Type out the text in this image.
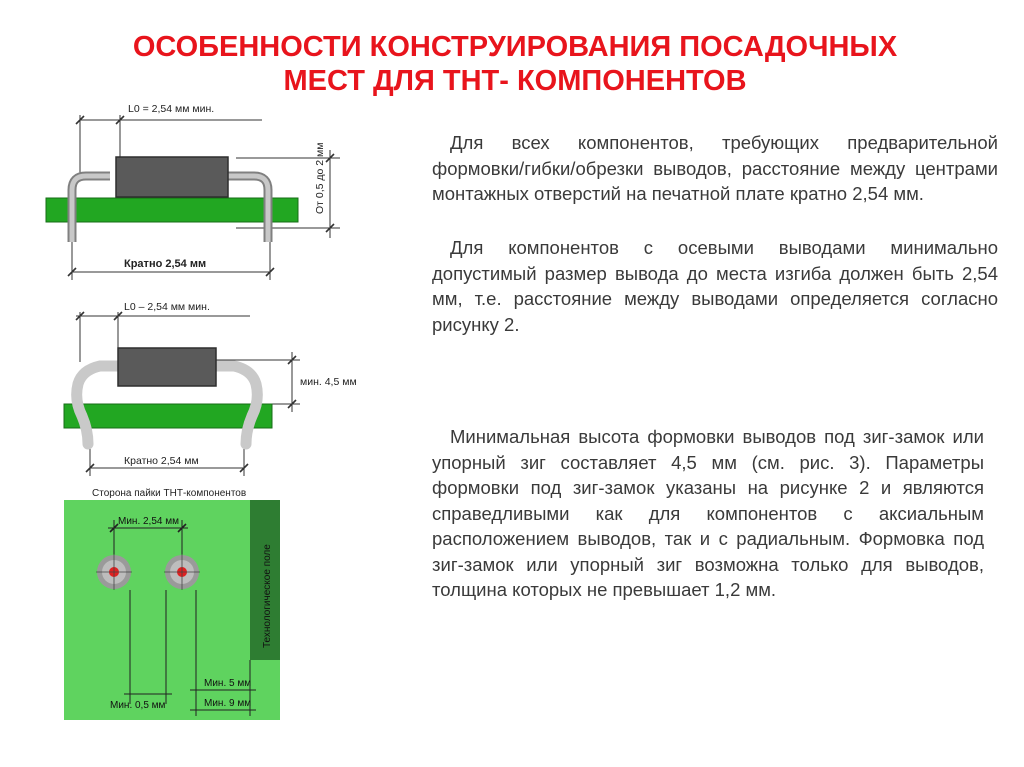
ОСОБЕННОСТИ КОНСТРУИРОВАНИЯ ПОСАДОЧНЫХ
МЕСТ ДЛЯ ТНТ- КОМПОНЕНТОВ

Для всех компонентов, требующих предварительной формовки/гибки/обрезки выводов, расстояние между центрами монтажных отверстий на печатной плате кратно 2,54 мм.

Для компонентов с осевыми выводами минимально допустимый размер вывода до места изгиба должен быть 2,54 мм, т.е. расстояние между выводами определяется согласно рисунку 2.

Минимальная высота формовки выводов под зиг-замок или упорный зиг составляет 4,5 мм (см. рис. 3). Параметры формовки под зиг-замок указаны на рисунке 2 и являются справедливыми как для компонентов с аксиальным расположением выводов, так и с радиальным. Формовка под зиг-замок или упорный зиг возможна только для выводов, толщина которых не превышает 1,2 мм.

L0 = 2,54 мм мин.
От 0,5 до 2 мм
Кратно 2,54 мм
L0 – 2,54 мм мин.
мин. 4,5 мм
Кратно 2,54 мм
Сторона пайки ТНТ-компонентов
Технологическое поле
Мин. 2,54 мм
Мин. 5 мм
Мин. 0,5 мм	Мин. 9 мм
